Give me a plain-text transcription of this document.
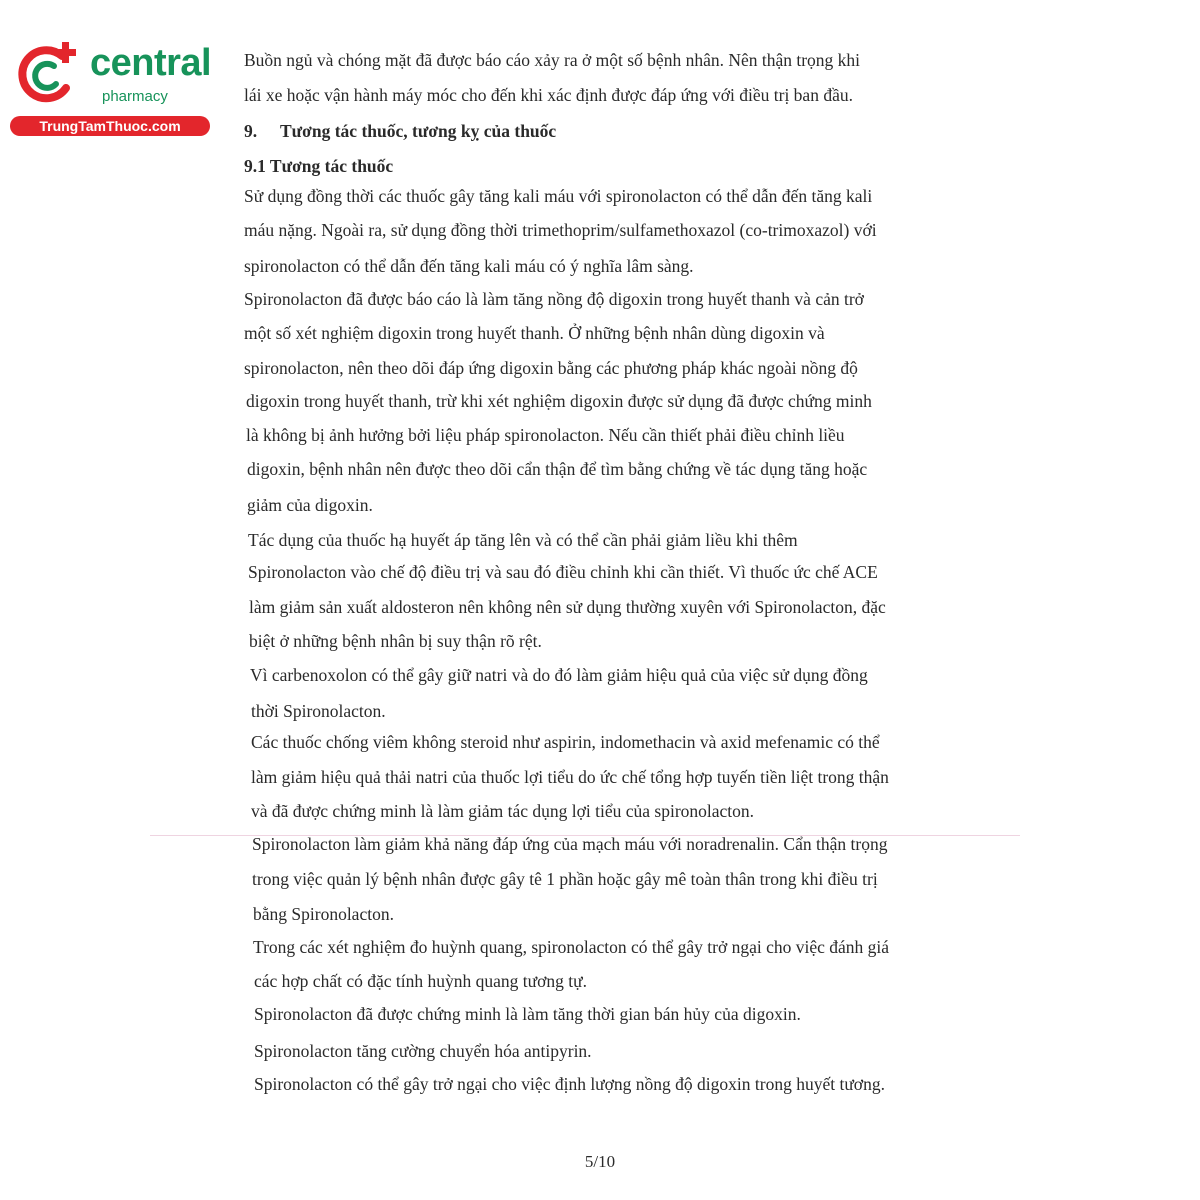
central
pharmacy
TrungTamThuoc.com
Buồn ngủ và chóng mặt đã được báo cáo xảy ra ở một số bệnh nhân. Nên thận trọng khi
lái xe hoặc vận hành máy móc cho đến khi xác định được đáp ứng với điều trị ban đầu.
9. Tương tác thuốc, tương kỵ của thuốc
9.1 Tương tác thuốc
Sử dụng đồng thời các thuốc gây tăng kali máu với spironolacton có thể dẫn đến tăng kali
máu nặng. Ngoài ra, sử dụng đồng thời trimethoprim/sulfamethoxazol (co-trimoxazol) với
spironolacton có thể dẫn đến tăng kali máu có ý nghĩa lâm sàng.
Spironolacton đã được báo cáo là làm tăng nồng độ digoxin trong huyết thanh và cản trở
một số xét nghiệm digoxin trong huyết thanh. Ở những bệnh nhân dùng digoxin và
spironolacton, nên theo dõi đáp ứng digoxin bằng các phương pháp khác ngoài nồng độ
digoxin trong huyết thanh, trừ khi xét nghiệm digoxin được sử dụng đã được chứng minh
là không bị ảnh hưởng bởi liệu pháp spironolacton. Nếu cần thiết phải điều chỉnh liều
digoxin, bệnh nhân nên được theo dõi cẩn thận để tìm bằng chứng về tác dụng tăng hoặc
giảm của digoxin.
Tác dụng của thuốc hạ huyết áp tăng lên và có thể cần phải giảm liều khi thêm
Spironolacton vào chế độ điều trị và sau đó điều chỉnh khi cần thiết. Vì thuốc ức chế ACE
làm giảm sản xuất aldosteron nên không nên sử dụng thường xuyên với Spironolacton, đặc
biệt ở những bệnh nhân bị suy thận rõ rệt.
Vì carbenoxolon có thể gây giữ natri và do đó làm giảm hiệu quả của việc sử dụng đồng
thời Spironolacton.
Các thuốc chống viêm không steroid như aspirin, indomethacin và axid mefenamic có thể
làm giảm hiệu quả thải natri của thuốc lợi tiểu do ức chế tổng hợp tuyến tiền liệt trong thận
và đã được chứng minh là làm giảm tác dụng lợi tiểu của spironolacton.
Spironolacton làm giảm khả năng đáp ứng của mạch máu với noradrenalin. Cẩn thận trọng
trong việc quản lý bệnh nhân được gây tê 1 phần hoặc gây mê toàn thân trong khi điều trị
bằng Spironolacton.
Trong các xét nghiệm đo huỳnh quang, spironolacton có thể gây trở ngại cho việc đánh giá
các hợp chất có đặc tính huỳnh quang tương tự.
Spironolacton đã được chứng minh là làm tăng thời gian bán hủy của digoxin.
Spironolacton tăng cường chuyển hóa antipyrin.
Spironolacton có thể gây trở ngại cho việc định lượng nồng độ digoxin trong huyết tương.
5/10
